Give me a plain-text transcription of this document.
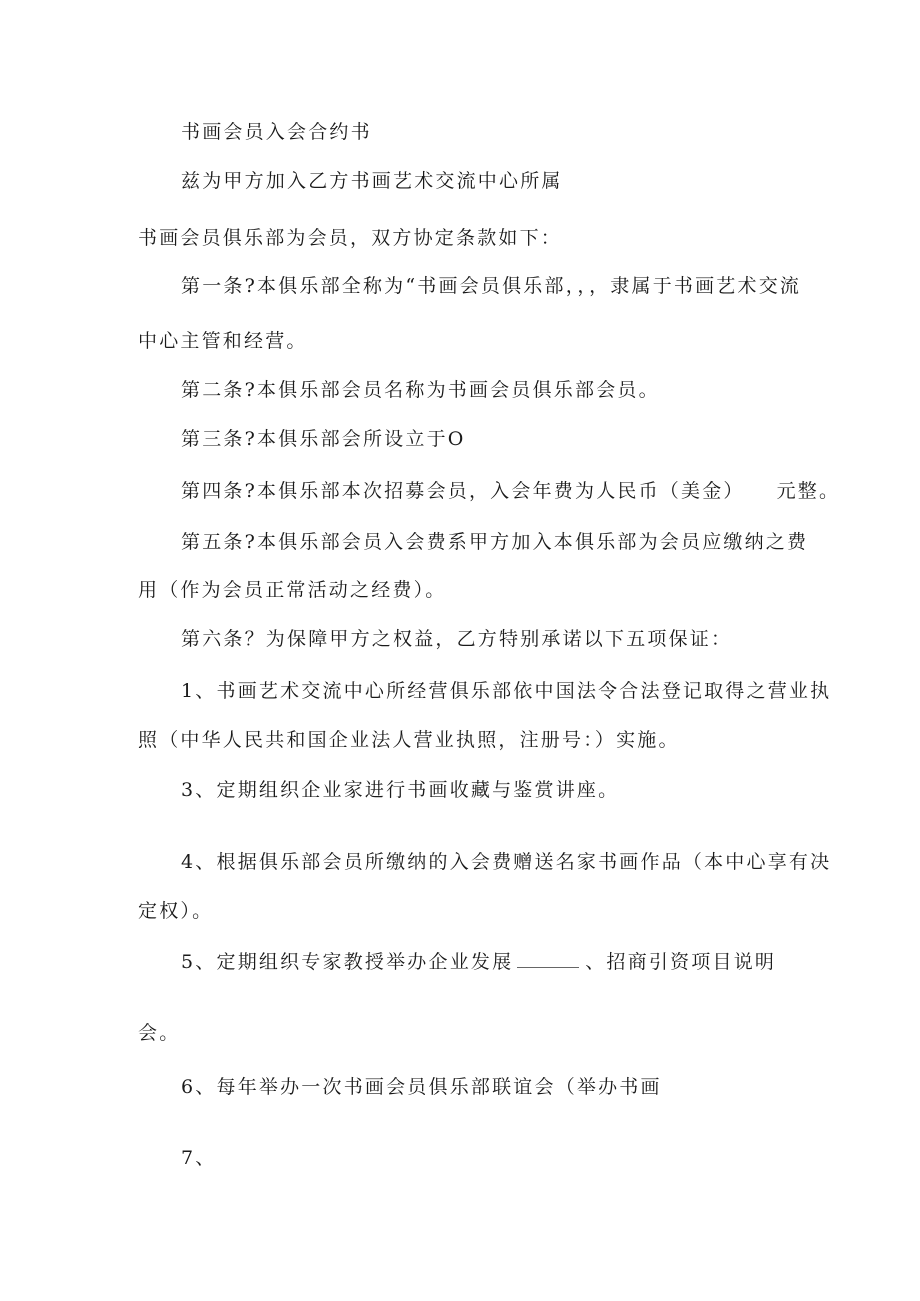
书画会员入会合约书
兹为甲方加入乙方书画艺术交流中心所属
书画会员俱乐部为会员，双方协定条款如下：
第一条?本俱乐部全称为“书画会员俱乐部，，，隶属于书画艺术交流
中心主管和经营。
第二条?本俱乐部会员名称为书画会员俱乐部会员。
第三条?本俱乐部会所设立于O
第四条?本俱乐部本次招募会员，入会年费为人民币（美金） 元整。
第五条?本俱乐部会员入会费系甲方加入本俱乐部为会员应缴纳之费
用（作为会员正常活动之经费）。
第六条？为保障甲方之权益，乙方特别承诺以下五项保证：
1、书画艺术交流中心所经营俱乐部依中国法令合法登记取得之营业执
照（中华人民共和国企业法人营业执照，注册号：）实施。
3、定期组织企业家进行书画收藏与鉴赏讲座。
4、根据俱乐部会员所缴纳的入会费赠送名家书画作品（本中心享有决
定权）。
5、定期组织专家教授举办企业发展	、招商引资项目说明
会。
6、每年举办一次书画会员俱乐部联谊会（举办书画
7、
